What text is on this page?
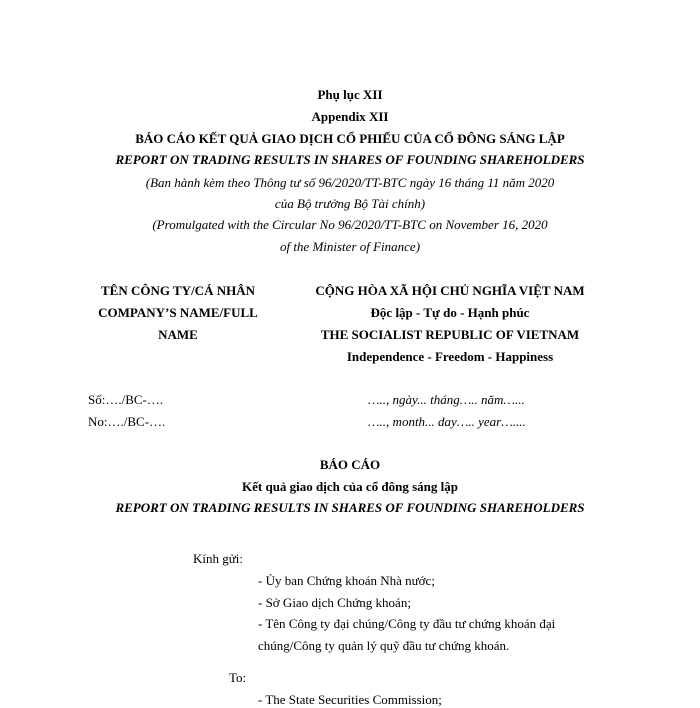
Phụ lục XII
Appendix XII
BÁO CÁO KẾT QUẢ GIAO DỊCH CỔ PHIẾU CỦA CỔ ĐÔNG SÁNG LẬP
REPORT ON TRADING RESULTS IN SHARES OF FOUNDING SHAREHOLDERS
(Ban hành kèm theo Thông tư số 96/2020/TT-BTC ngày 16 tháng 11 năm 2020
của Bộ trưởng Bộ Tài chính)
(Promulgated with the Circular No 96/2020/TT-BTC on November 16, 2020
of the Minister of Finance)
TÊN CÔNG TY/CÁ NHÂN
COMPANY’S NAME/FULL
NAME
CỘNG HÒA XÃ HỘI CHỦ NGHĨA VIỆT NAM
Độc lập - Tự do - Hạnh phúc
THE SOCIALIST REPUBLIC OF VIETNAM
Independence - Freedom - Happiness
Số:…./BC-….
No:…./BC-….
….., ngày... tháng….. năm…...
….., month... day….. year…....
BÁO CÁO
Kết quả giao dịch của cổ đông sáng lập
REPORT ON TRADING RESULTS IN SHARES OF FOUNDING SHAREHOLDERS
Kính gửi:
- Ủy ban Chứng khoán Nhà nước;
- Sở Giao dịch Chứng khoán;
- Tên Công ty đại chúng/Công ty đầu tư chứng khoán đại
chúng/Công ty quản lý quỹ đầu tư chứng khoán.
To:
- The State Securities Commission;
